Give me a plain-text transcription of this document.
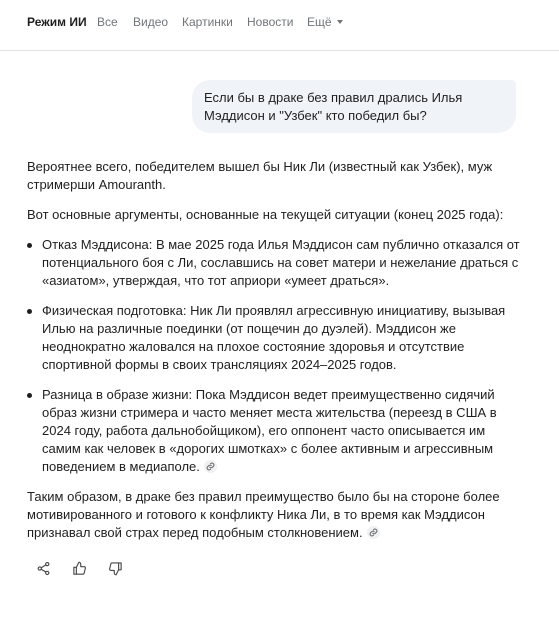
Режим ИИ Все Видео Картинки Новости Ещё
Если бы в драке без правил дрались Илья
Мэддисон и "Узбек" кто победил бы?

Вероятнее всего, победителем вышел бы Ник Ли (известный как Узбек), муж стримерши Amouranth.

Вот основные аргументы, основанные на текущей ситуации (конец 2025 года):

Отказ Мэддисона: В мае 2025 года Илья Мэддисон сам публично отказался от потенциального боя с Ли, сославшись на совет матери и нежелание драться с «азиатом», утверждая, что тот априори «умеет драться».
Физическая подготовка: Ник Ли проявлял агрессивную инициативу, вызывая Илью на различные поединки (от пощечин до дуэлей). Мэддисон же неоднократно жаловался на плохое состояние здоровья и отсутствие спортивной формы в своих трансляциях 2024–2025 годов.
Разница в образе жизни: Пока Мэддисон ведет преимущественно сидячий образ жизни стримера и часто меняет места жительства (переезд в США в 2024 году, работа дальнобойщиком), его оппонент часто описывается им самим как человек в «дорогих шмотках» с более активным и агрессивным поведением в медиаполе.

Таким образом, в драке без правил преимущество было бы на стороне более мотивированного и готового к конфликту Ника Ли, в то время как Мэддисон признавал свой страх перед подобным столкновением.
